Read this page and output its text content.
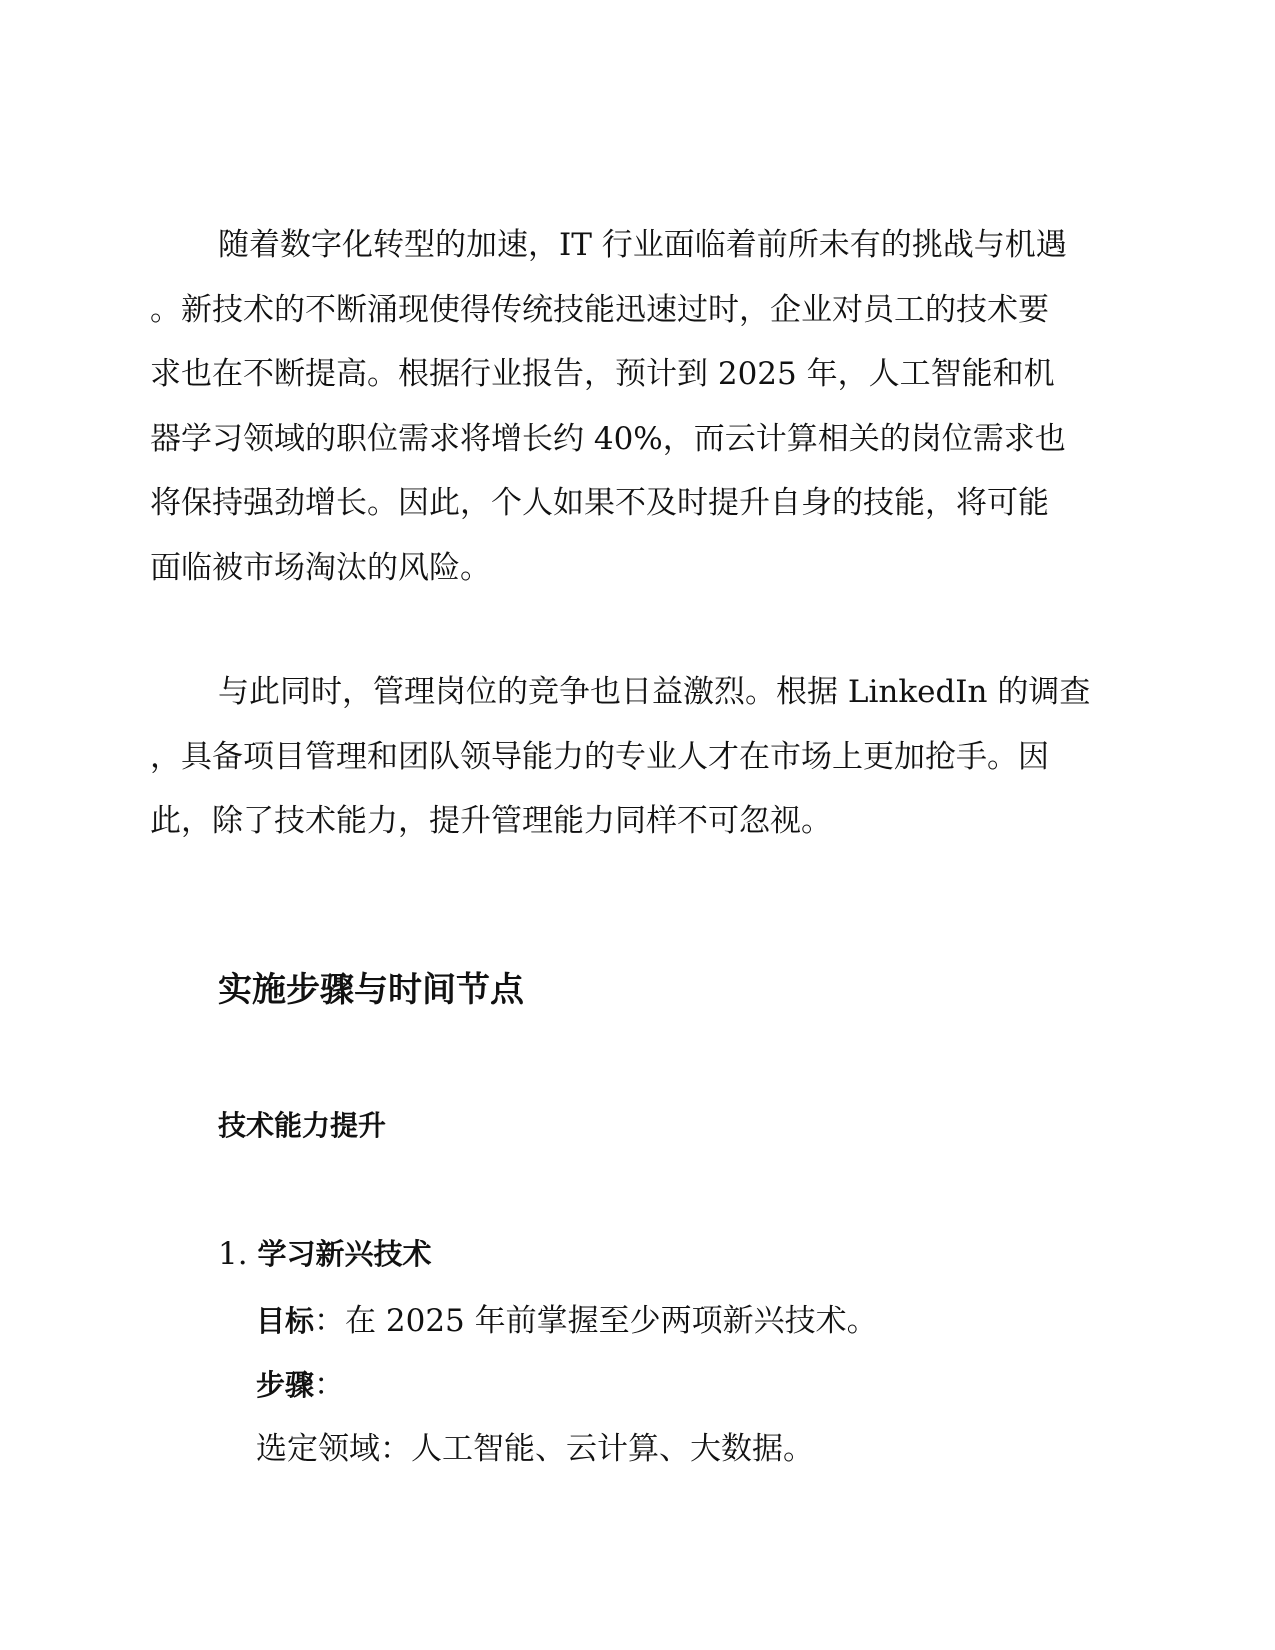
随着数字化转型的加速，IT 行业面临着前所未有的挑战与机遇
。新技术的不断涌现使得传统技能迅速过时，企业对员工的技术要
求也在不断提高。根据行业报告，预计到 2025 年，人工智能和机
器学习领域的职位需求将增长约 40%，而云计算相关的岗位需求也
将保持强劲增长。因此，个人如果不及时提升自身的技能，将可能
面临被市场淘汰的风险。
与此同时，管理岗位的竞争也日益激烈。根据 LinkedIn 的调查
，具备项目管理和团队领导能力的专业人才在市场上更加抢手。因
此，除了技术能力，提升管理能力同样不可忽视。
实施步骤与时间节点
技术能力提升
1. 学习新兴技术
目标：在 2025 年前掌握至少两项新兴技术。
步骤：
选定领域：人工智能、云计算、大数据。
